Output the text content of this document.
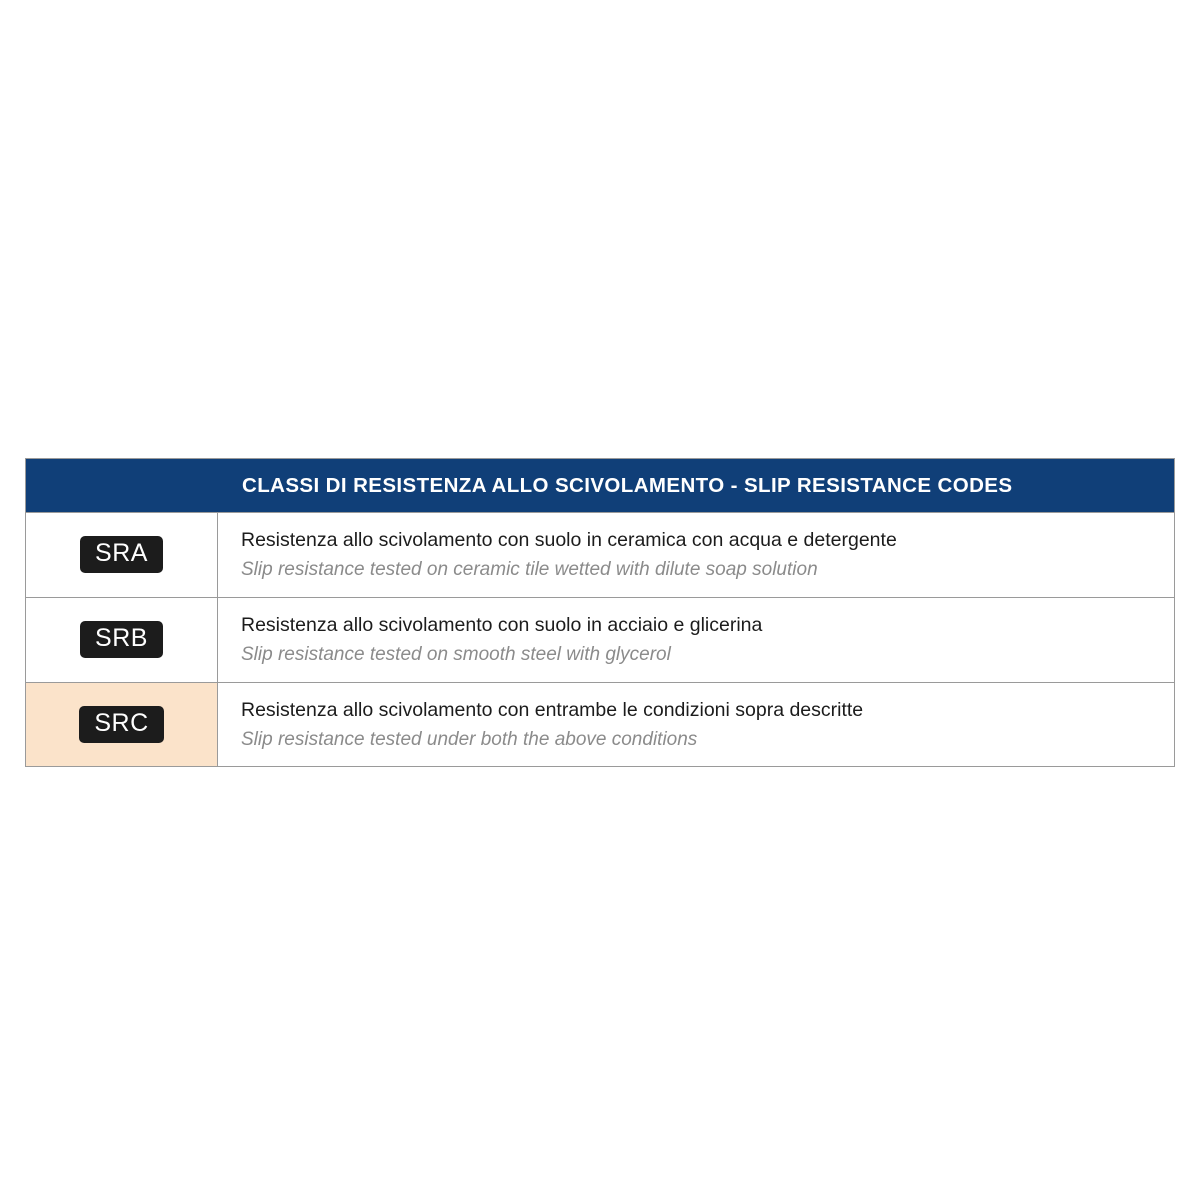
CLASSI DI RESISTENZA ALLO SCIVOLAMENTO - SLIP RESISTANCE CODES
SRA	Resistenza allo scivolamento con suolo in ceramica con acqua e detergente
Slip resistance tested on ceramic tile wetted with dilute soap solution
SRB	Resistenza allo scivolamento con suolo in acciaio e glicerina
Slip resistance tested on smooth steel with glycerol
SRC	Resistenza allo scivolamento con entrambe le condizioni sopra descritte
Slip resistance tested under both the above conditions
